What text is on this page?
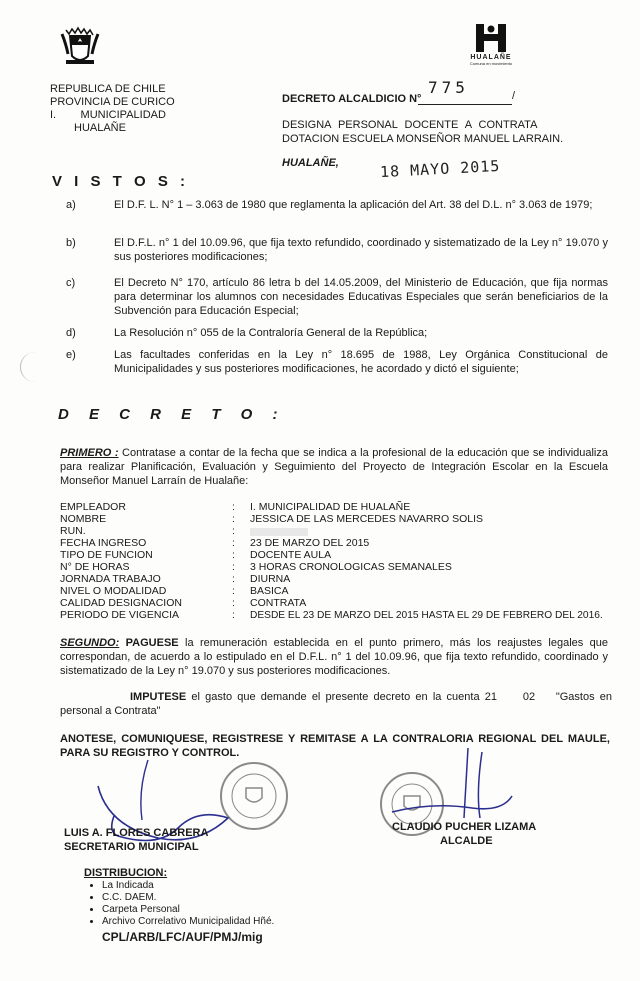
REPUBLICA DE CHILE
PROVINCIA DE CURICO
I.        MUNICIPALIDAD
HUALAÑE
HUALAÑE
Comuna en movimiento
DECRETO ALCALDICIO N°
775	/
DESIGNA PERSONAL DOCENTE A CONTRATA
DOTACION ESCUELA MONSEÑOR MANUEL LARRAIN.
HUALAÑE,	18 MAYO 2015
V I S T O S :
a)	El D.F. L. N° 1 – 3.063 de 1980 que reglamenta la aplicación del Art. 38 del D.L. n° 3.063 de 1979;
b)	El D.F.L. n° 1 del 10.09.96, que fija texto refundido, coordinado y sistematizado de la Ley n° 19.070 y sus posteriores modificaciones;
c)	El Decreto N° 170, artículo 86 letra b del 14.05.2009, del Ministerio de Educación, que fija normas para determinar los alumnos con necesidades Educativas Especiales que serán beneficiarios de la Subvención para Educación Especial;
d)	La Resolución n° 055 de la Contraloría General de la República;
e)	Las facultades conferidas en la Ley n° 18.695 de 1988, Ley Orgánica Constitucional de Municipalidades y sus posteriores modificaciones, he acordado y dictó el siguiente;
D E C R E T O :
PRIMERO : Contratase a contar de la fecha que se indica a la profesional de la educación que se individualiza para realizar Planificación, Evaluación y Seguimiento del Proyecto de Integración Escolar en la Escuela Monseñor Manuel Larraín de Hualañe:
EMPLEADOR	: I. MUNICIPALIDAD DE HUALAÑE
NOMBRE	: JESSICA DE LAS MERCEDES NAVARRO SOLIS
RUN.	:
FECHA INGRESO	: 23 DE MARZO DEL 2015
TIPO DE FUNCION	: DOCENTE AULA
N° DE HORAS	: 3 HORAS CRONOLOGICAS SEMANALES
JORNADA TRABAJO	: DIURNA
NIVEL O MODALIDAD	: BASICA
CALIDAD DESIGNACION	: CONTRATA
PERIODO DE VIGENCIA	: DESDE EL 23 DE MARZO DEL 2015 HASTA EL 29 DE FEBRERO DEL 2016.
SEGUNDO: PAGUESE la remuneración establecida en el punto primero, más los reajustes legales que correspondan, de acuerdo a lo estipulado en el D.F.L. n° 1 del 10.09.96, que fija texto refundido, coordinado y sistematizado de la Ley n° 19.070 y sus posteriores modificaciones.
IMPUTESE el gasto que demande el presente decreto en la cuenta 21     02    "Gastos en personal a Contrata"
ANOTESE, COMUNIQUESE, REGISTRESE Y REMITASE A LA CONTRALORIA REGIONAL DEL MAULE, PARA SU REGISTRO Y CONTROL.
LUIS A. FLORES CABRERA
SECRETARIO MUNICIPAL
CLAUDIO PUCHER LIZAMA
ALCALDE
DISTRIBUCION:
• La Indicada
• C.C. DAEM.
• Carpeta Personal
• Archivo Correlativo Municipalidad Hñé.
CPL/ARB/LFC/AUF/PMJ/mig
